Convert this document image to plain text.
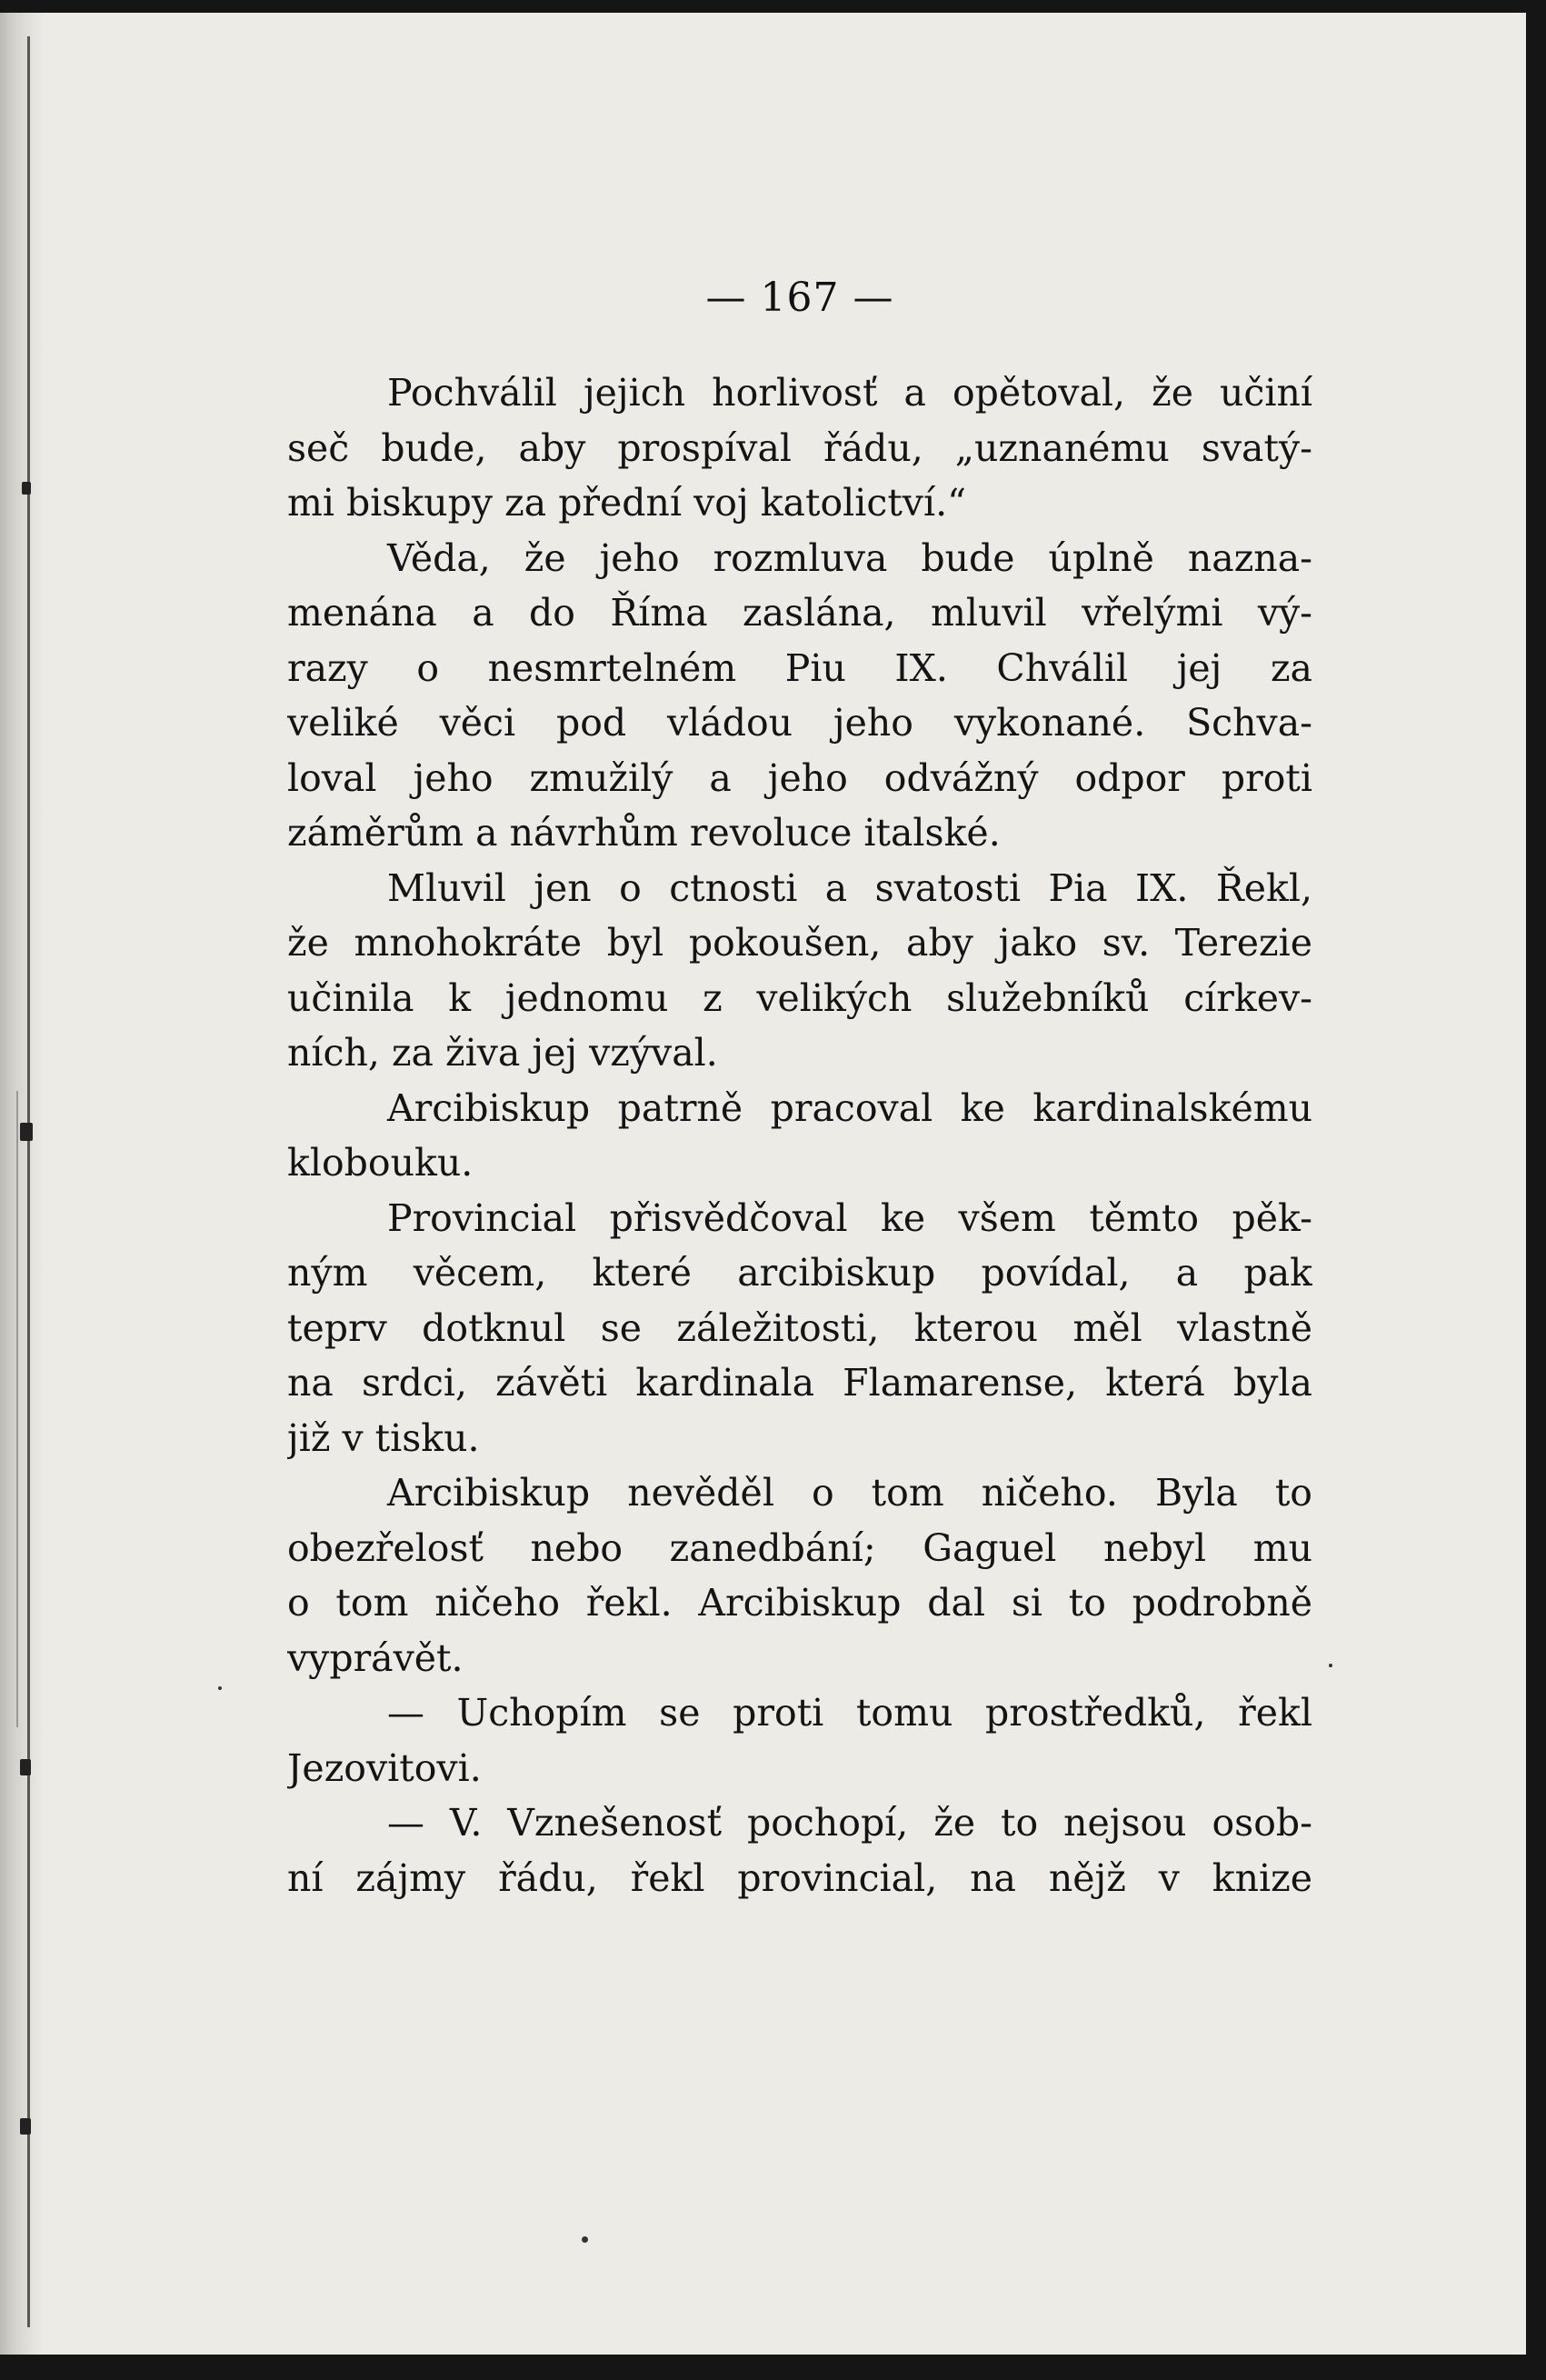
— 167 —
Pochválil jejich horlivosť a opětoval, že učiní
seč bude, aby prospíval řádu, „uznanému svatý-
mi biskupy za přední voj katolictví.“
Věda, že jeho rozmluva bude úplně nazna-
menána a do Říma zaslána, mluvil vřelými vý-
razy o nesmrtelném Piu IX. Chválil jej za
veliké věci pod vládou jeho vykonané. Schva-
loval jeho zmužilý a jeho odvážný odpor proti
záměrům a návrhům revoluce italské.
Mluvil jen o ctnosti a svatosti Pia IX. Řekl,
že mnohokráte byl pokoušen, aby jako sv. Terezie
učinila k jednomu z velikých služebníků církev-
ních, za živa jej vzýval.
Arcibiskup patrně pracoval ke kardinalskému
klobouku.
Provincial přisvědčoval ke všem těmto pěk-
ným věcem, které arcibiskup povídal, a pak
teprv dotknul se záležitosti, kterou měl vlastně
na srdci, závěti kardinala Flamarense, která byla
již v tisku.
Arcibiskup nevěděl o tom ničeho. Byla to
obezřelosť nebo zanedbání; Gaguel nebyl mu
o tom ničeho řekl. Arcibiskup dal si to podrobně
vyprávět.
— Uchopím se proti tomu prostředků, řekl
Jezovitovi.
— V. Vznešenosť pochopí, že to nejsou osob-
ní zájmy řádu, řekl provincial, na nějž v knize
